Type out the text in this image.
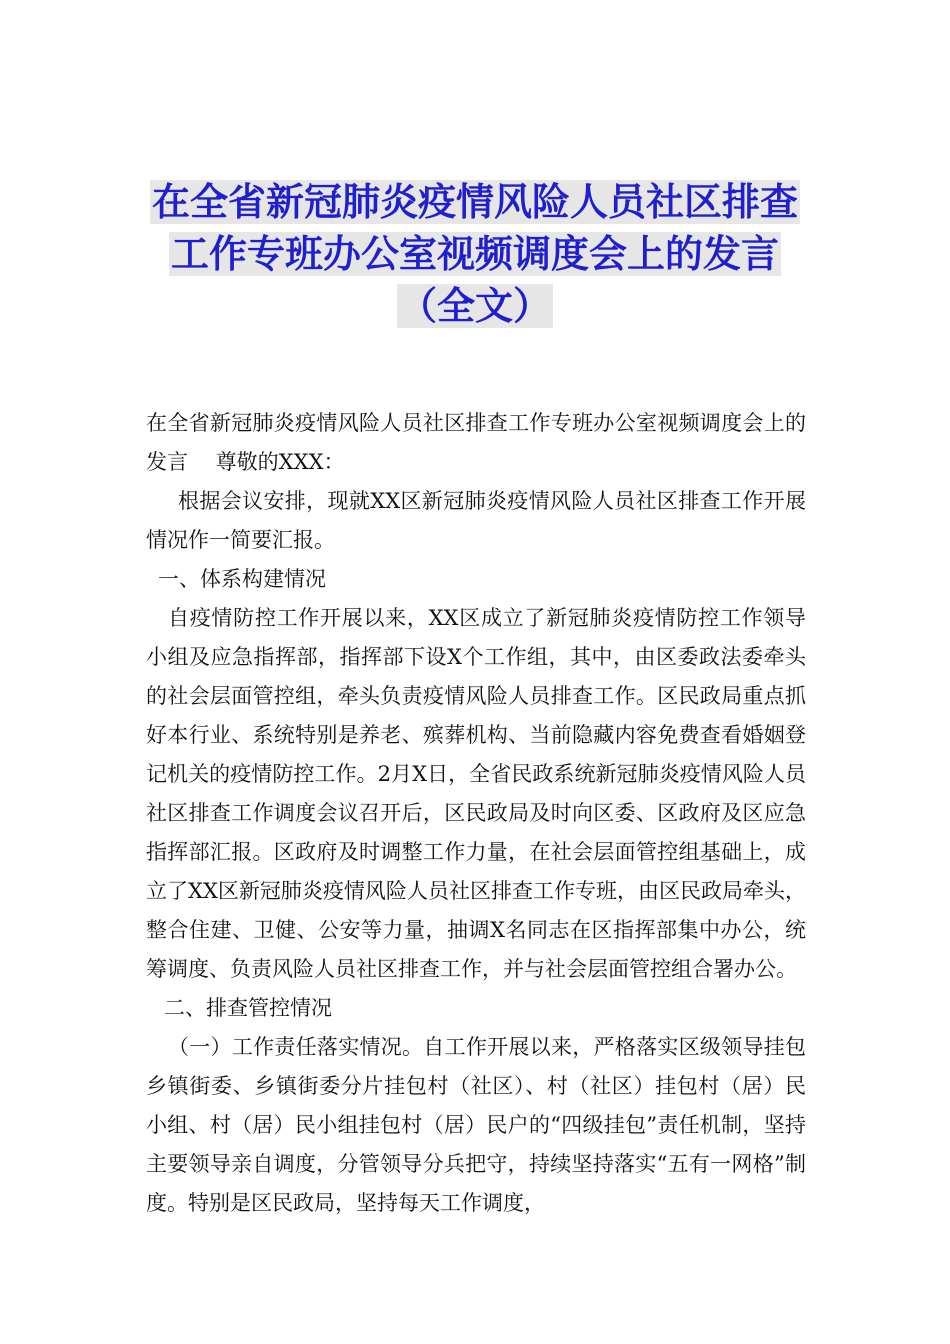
在全省新冠肺炎疫情风险人员社区排查
工作专班办公室视频调度会上的发言
（全文）

在全省新冠肺炎疫情风险人员社区排查工作专班办公室视频调度会上的发言　 尊敬的XXX：

根据会议安排，现就XX区新冠肺炎疫情风险人员社区排查工作开展情况作一简要汇报。

一、体系构建情况

自疫情防控工作开展以来，XX区成立了新冠肺炎疫情防控工作领导小组及应急指挥部，指挥部下设X个工作组，其中，由区委政法委牵头的社会层面管控组，牵头负责疫情风险人员排查工作。区民政局重点抓好本行业、系统特别是养老、殡葬机构、当前隐藏内容免费查看婚姻登记机关的疫情防控工作。2月X日，全省民政系统新冠肺炎疫情风险人员社区排查工作调度会议召开后，区民政局及时向区委、区政府及区应急指挥部汇报。区政府及时调整工作力量，在社会层面管控组基础上，成立了XX区新冠肺炎疫情风险人员社区排查工作专班，由区民政局牵头，整合住建、卫健、公安等力量，抽调X名同志在区指挥部集中办公，统筹调度、负责风险人员社区排查工作，并与社会层面管控组合署办公。

二、排查管控情况

（一）工作责任落实情况。自工作开展以来，严格落实区级领导挂包乡镇街委、乡镇街委分片挂包村（社区）、村（社区）挂包村（居）民小组、村（居）民小组挂包村（居）民户的“四级挂包”责任机制，坚持主要领导亲自调度，分管领导分兵把守，持续坚持落实“五有一网格”制度。特别是区民政局，坚持每天工作调度，
